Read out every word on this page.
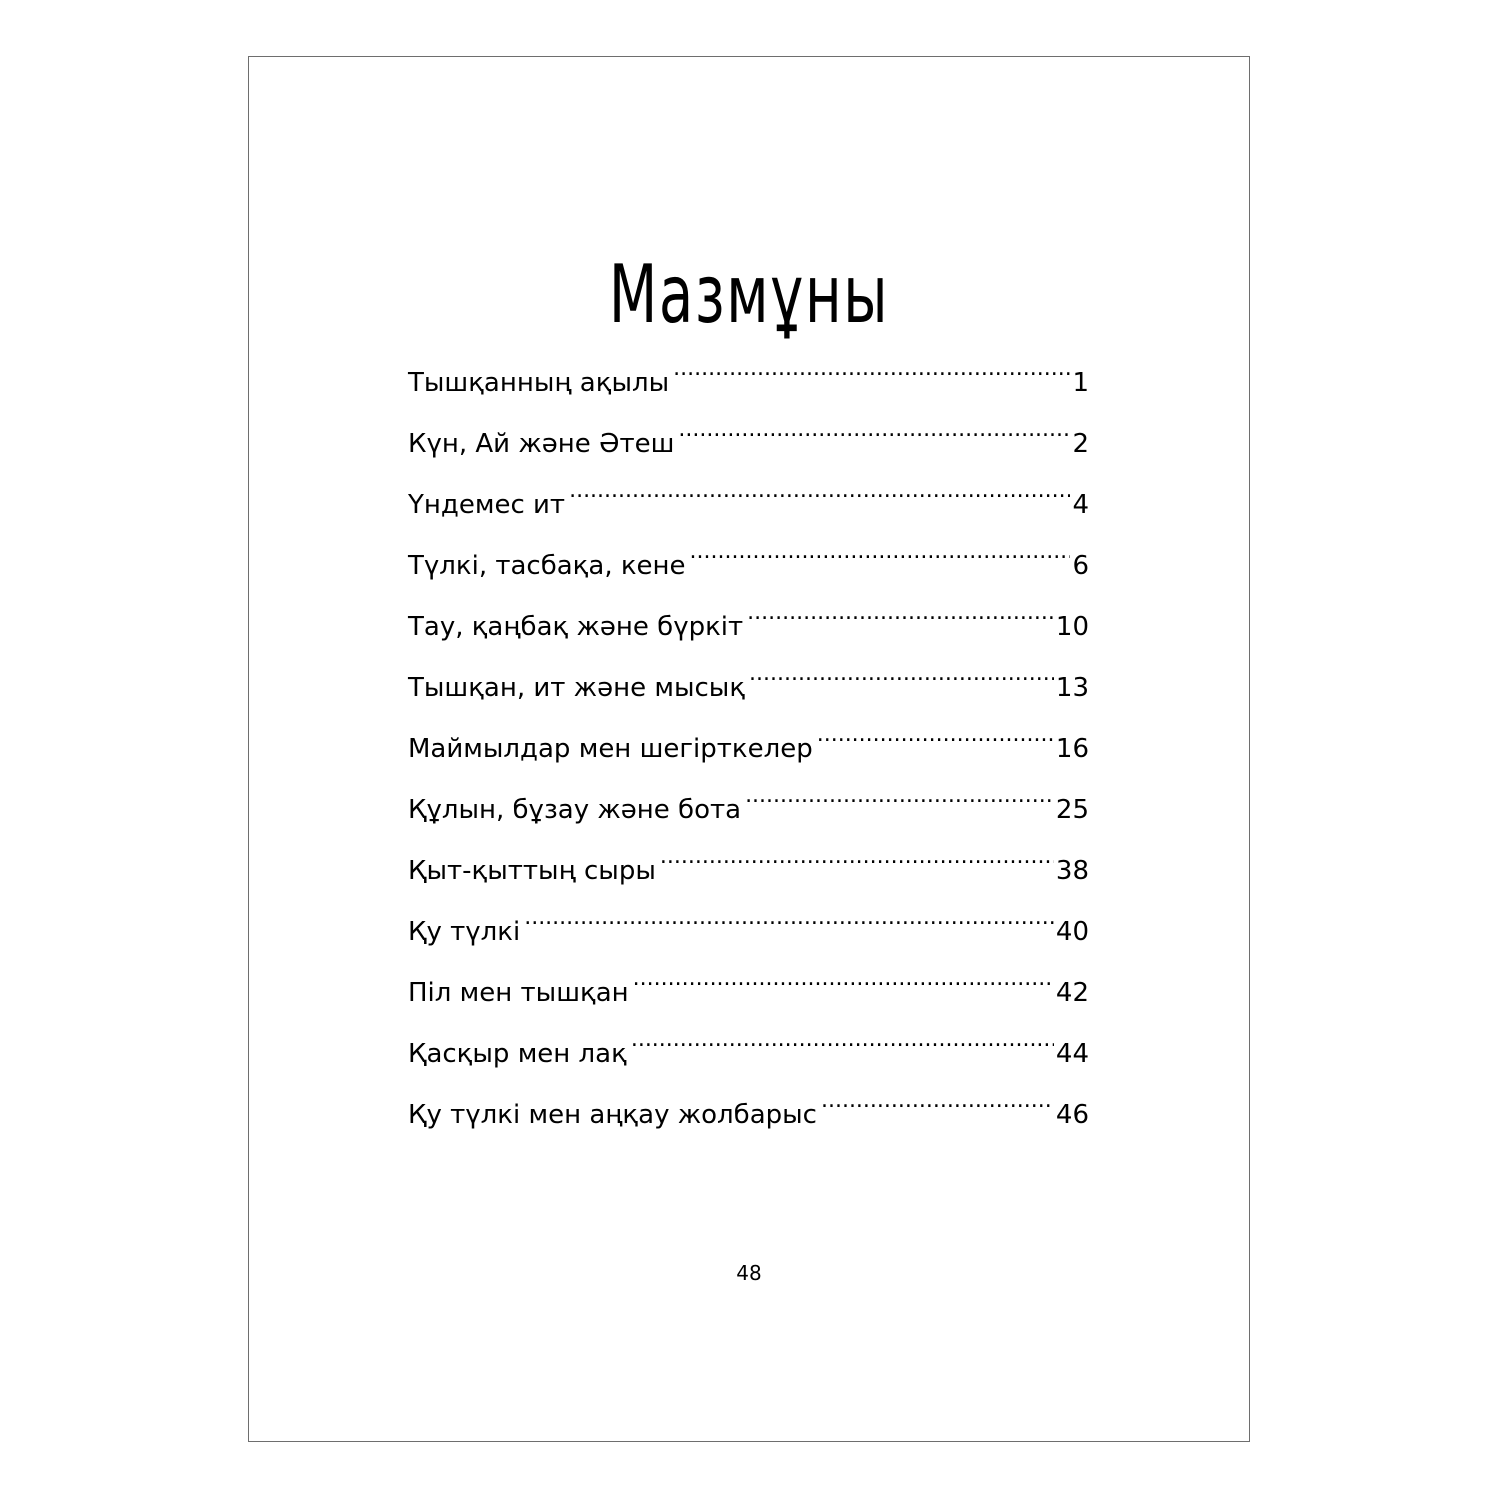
Мазмұны
Тышқанның ақылы .....	1
Күн, Ай және Әтеш .....	2
Үндемес ит .....	4
Түлкі, тасбақа, кене .....	6
Тау, қаңбақ және бүркіт .....	10
Тышқан, ит және мысық .....	13
Маймылдар мен шегірткелер .....	16
Құлын, бұзау және бота .....	25
Қыт-қыттың сыры .....	38
Қу түлкі .....	40
Піл мен тышқан .....	42
Қасқыр мен лақ .....	44
Қу түлкі мен аңқау жолбарыс .....	46
48
